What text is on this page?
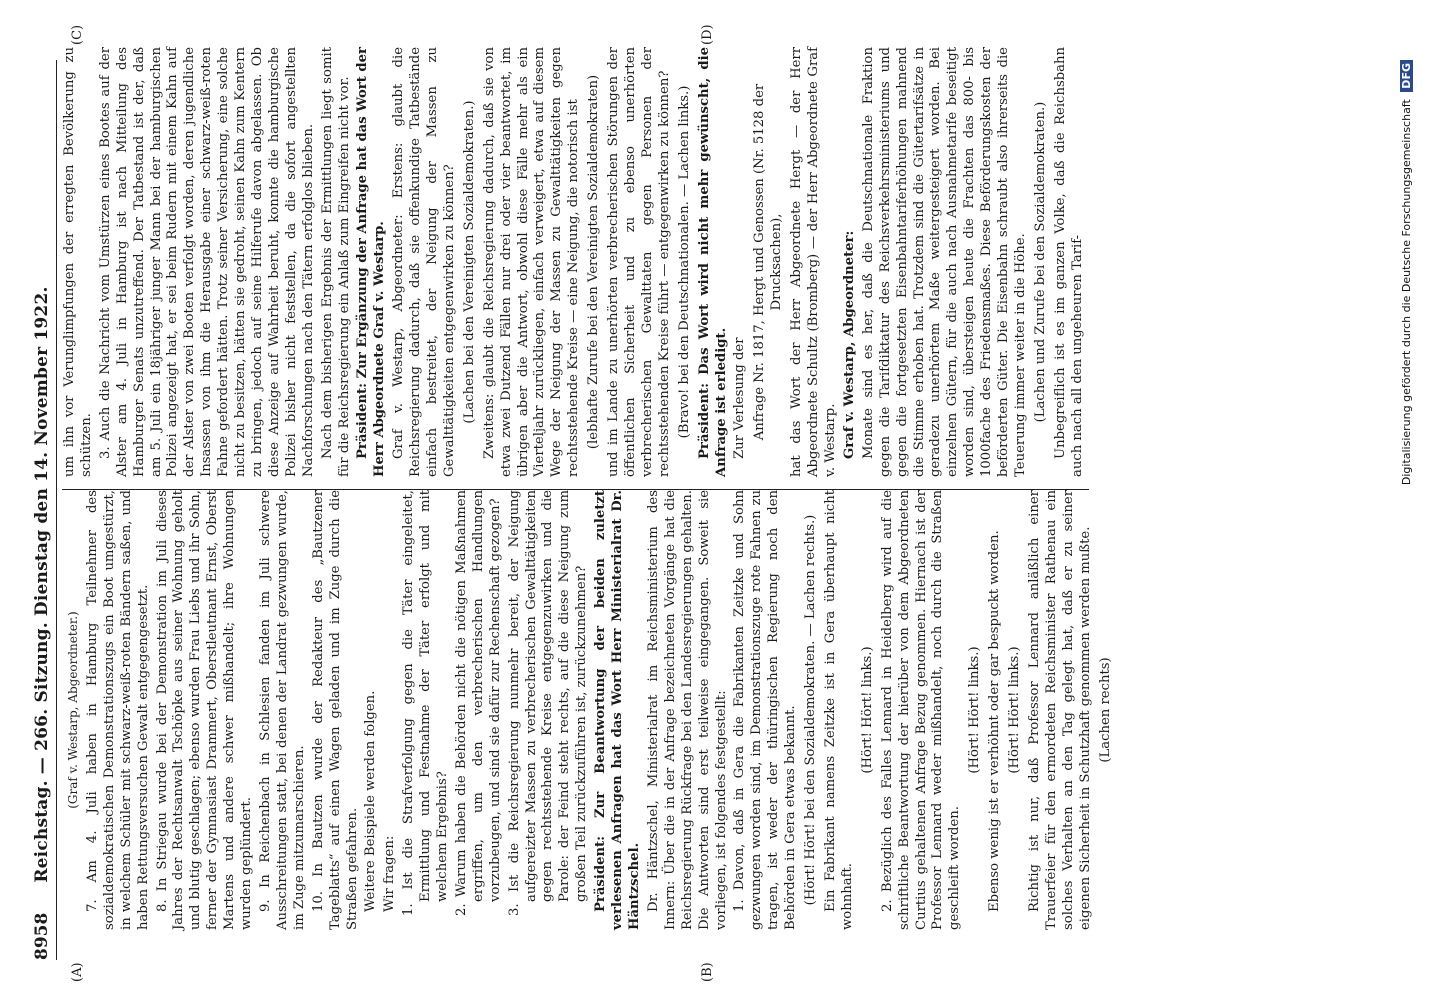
8958
Reichstag. — 266. Sitzung. Dienstag den 14. November 1922.
(A)	(B)
(C)	(D)

(Graf v. Westarp, Abgeordneter.) 7. Am 4. Juli haben in Hamburg Teilnehmer des sozialdemokratischen Demonstrationszugs ein Boot umgestürzt, in welchem Schüler mit schwarz-weiß-roten Bändern saßen, und haben Rettungsversuchen Gewalt entgegengesetzt. 8. In Striegau wurde bei der Demonstration im Juli dieses Jahres der Rechtsanwalt Tschöpke aus seiner Wohnung geholt und blutig geschlagen; ebenso wurden Frau Liebs und ihr Sohn, ferner der Gymnasiast Drammert, Oberstleutnant Ernst, Oberst Martens und andere schwer mißhandelt; ihre Wohnungen wurden geplündert. 9. In Reichenbach in Schlesien fanden im Juli schwere Ausschreitungen statt, bei denen der Landrat gezwungen wurde, im Zuge mitzumarschieren. 10. In Bautzen wurde der Redakteur des „Bautzener Tageblatts“ auf einen Wagen geladen und im Zuge durch die Straßen gefahren. Weitere Beispiele werden folgen. Wir fragen: 1. Ist die Strafverfolgung gegen die Täter eingeleitet, Ermittlung und Festnahme der Täter erfolgt und mit welchem Ergebnis? 2. Warum haben die Behörden nicht die nötigen Maßnahmen ergriffen, um den verbrecherischen Handlungen vorzubeugen, und sind sie dafür zur Rechenschaft gezogen? 3. Ist die Reichsregierung nunmehr bereit, der Neigung aufgereizter Massen zu verbrecherischen Gewalttätigkeiten gegen rechtsstehende Kreise entgegenzuwirken und die Parole: der Feind steht rechts, auf die diese Neigung zum großen Teil zurückzuführen ist, zurückzunehmen? Präsident: Zur Beantwortung der beiden zuletzt verlesenen Anfragen hat das Wort Herr Ministerialrat Dr. Häntzschel. Dr. Häntzschel, Ministerialrat im Reichsministerium des Innern: Über die in der Anfrage bezeichneten Vorgänge hat die Reichsregierung Rückfrage bei den Landesregierungen gehalten. Die Antworten sind erst teilweise eingegangen. Soweit sie vorliegen, ist folgendes festgestellt: 1. Davon, daß in Gera die Fabrikanten Zeitzke und Sohn gezwungen worden sind, im Demonstrationszuge rote Fahnen zu tragen, ist weder der thüringischen Regierung noch den Behörden in Gera etwas bekannt. (Hört! Hört! bei den Sozialdemokraten. — Lachen rechts.) Ein Fabrikant namens Zeitzke ist in Gera überhaupt nicht wohnhaft.

(Hört! Hört! links.) 2. Bezüglich des Falles Lennard in Heidelberg wird auf die schriftliche Beantwortung der hierüber von dem Abgeordneten Curtius gehaltenen Anfrage Bezug genommen. Hiernach ist der Professor Lennard weder mißhandelt, noch durch die Straßen geschleift worden.

(Hört! Hört! links.) Ebenso wenig ist er verhöhnt oder gar bespuckt worden. (Hört! Hört! links.) Richtig ist nur, daß Professor Lennard anläßlich einer Trauerfeier für den ermordeten Reichsminister Rathenau ein solches Verhalten an den Tag gelegt hat, daß er zu seiner eigenen Sicherheit in Schutzhaft genommen werden mußte. (Lachen rechts)

um ihn vor Verunglimpfungen der erregten Bevölkerung zu schützen. 3. Auch die Nachricht vom Umstürzen eines Bootes auf der Alster am 4. Juli in Hamburg ist nach Mitteilung des Hamburger Senats unzutreffend. Der Tatbestand ist der, daß am 5. Juli ein 18jähriger junger Mann bei der hamburgischen Polizei angezeigt hat, er sei beim Rudern mit einem Kahn auf der Alster von zwei Booten verfolgt worden, deren jugendliche Insassen von ihm die Herausgabe einer schwarz-weiß-roten Fahne gefordert hätten. Trotz seiner Versicherung, eine solche nicht zu besitzen, hätten sie gedroht, seinen Kahn zum Kentern zu bringen, jedoch auf seine Hilferufe davon abgelassen. Ob diese Anzeige auf Wahrheit beruht, konnte die hamburgische Polizei bisher nicht feststellen, da die sofort angestellten Nachforschungen nach den Tätern erfolglos blieben. Nach dem bisherigen Ergebnis der Ermittlungen liegt somit für die Reichsregierung ein Anlaß zum Eingreifen nicht vor. Präsident: Zur Ergänzung der Anfrage hat das Wort der Herr Abgeordnete Graf v. Westarp. Graf v. Westarp, Abgeordneter: Erstens: glaubt die Reichsregierung dadurch, daß sie offenkundige Tatbestände einfach bestreitet, der Neigung der Massen zu Gewalttätigkeiten entgegenwirken zu können? (Lachen bei den Vereinigten Sozialdemokraten.) Zweitens: glaubt die Reichsregierung dadurch, daß sie von etwa zwei Dutzend Fällen nur drei oder vier beantwortet, im übrigen aber die Antwort, obwohl diese Fälle mehr als ein Vierteljahr zurückliegen, einfach verweigert, etwa auf diesem Wege der Neigung der Massen zu Gewalttätigkeiten gegen rechtsstehende Kreise — eine Neigung, die notorisch ist (lebhafte Zurufe bei den Vereinigten Sozialdemokraten) und im Lande zu unerhörten verbrecherischen Störungen der öffentlichen Sicherheit und zu ebenso unerhörten verbrecherischen Gewalttaten gegen Personen der rechtsstehenden Kreise führt — entgegenwirken zu können? (Bravo! bei den Deutschnationalen. — Lachen links.) Präsident: Das Wort wird nicht mehr gewünscht, die Anfrage ist erledigt. Zur Verlesung der Anfrage Nr. 1817, Hergt und Genossen (Nr. 5128 der Drucksachen), hat das Wort der Herr Abgeordnete Hergt — der Herr Abgeordnete Schultz (Bromberg) — der Herr Abgeordnete Graf v. Westarp. Graf v. Westarp, Abgeordneter: Monate sind es her, daß die Deutschnationale Fraktion gegen die Tarifdiktatur des Reichsverkehrsministeriums und gegen die fortgesetzten Eisenbahntariferhöhungen mahnend die Stimme erhoben hat. Trotzdem sind die Gütertarifsätze in geradezu unerhörtem Maße weitergesteigert worden. Bei einzelnen Gütern, für die auch nach Ausnahmetarife beseitigt worden sind, übersteigen heute die Frachten das 800- bis 1000fache des Friedensmaßes. Diese Beförderungskosten der beförderten Güter. Die Eisenbahn schraubt also ihrerseits die Teuerung immer weiter in die Höhe. (Lachen und Zurufe bei den Sozialdemokraten.) Unbegreiflich ist es im ganzen Volke, daß die Reichsbahn auch nach all den ungeheuren Tarif-	Digitalisierung gefördert durch die Deutsche Forschungsgemeinschaft DFG
